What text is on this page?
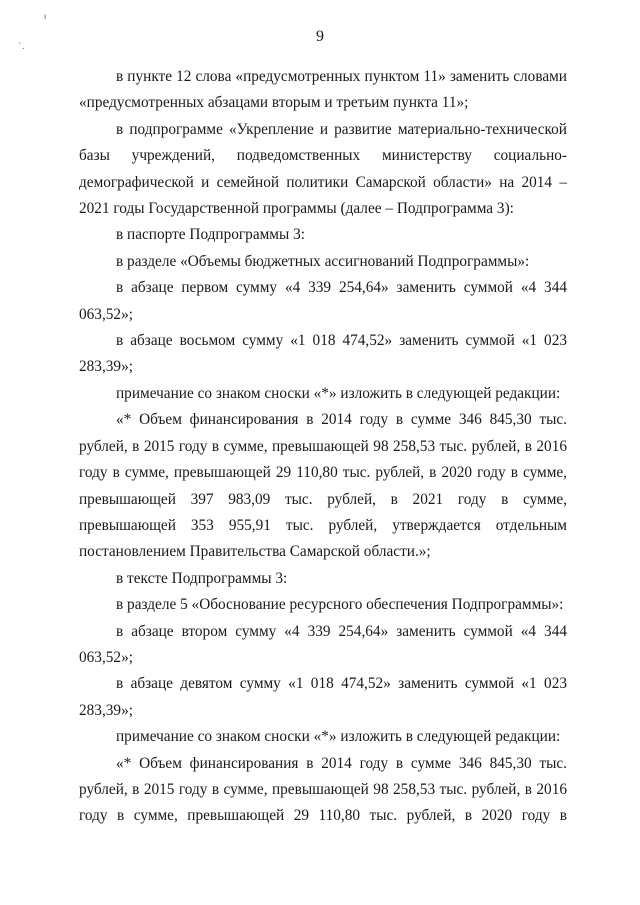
ı
ˋ.
9

в пункте 12 слова «предусмотренных пунктом 11» заменить словами «предусмотренных абзацами вторым и третьим пункта 11»;

в подпрограмме «Укрепление и развитие материально-технической базы учреждений, подведомственных министерству социально-демографической и семейной политики Самарской области» на 2014 – 2021 годы Государственной программы (далее – Подпрограмма 3):

в паспорте Подпрограммы 3:

в разделе «Объемы бюджетных ассигнований Подпрограммы»:

в абзаце первом сумму «4 339 254,64» заменить суммой «4 344 063,52»;

в абзаце восьмом сумму «1 018 474,52» заменить суммой «1 023 283,39»;

примечание со знаком сноски «*» изложить в следующей редакции:

«* Объем финансирования в 2014 году в сумме 346 845,30 тыс. рублей, в 2015 году в сумме, превышающей 98 258,53 тыс. рублей, в 2016 году в сумме, превышающей 29 110,80 тыс. рублей, в 2020 году в сумме, превышающей 397 983,09 тыс. рублей, в 2021 году в сумме, превышающей 353 955,91 тыс. рублей, утверждается отдельным постановлением Правительства Самарской области.»;

в тексте Подпрограммы 3:

в разделе 5 «Обоснование ресурсного обеспечения Подпрограммы»:

в абзаце втором сумму «4 339 254,64» заменить суммой «4 344 063,52»;

в абзаце девятом сумму «1 018 474,52» заменить суммой «1 023 283,39»;

примечание со знаком сноски «*» изложить в следующей редакции:

«* Объем финансирования в 2014 году в сумме 346 845,30 тыс. рублей, в 2015 году в сумме, превышающей 98 258,53 тыс. рублей, в 2016 году в сумме, превышающей 29 110,80 тыс. рублей, в 2020 году в
